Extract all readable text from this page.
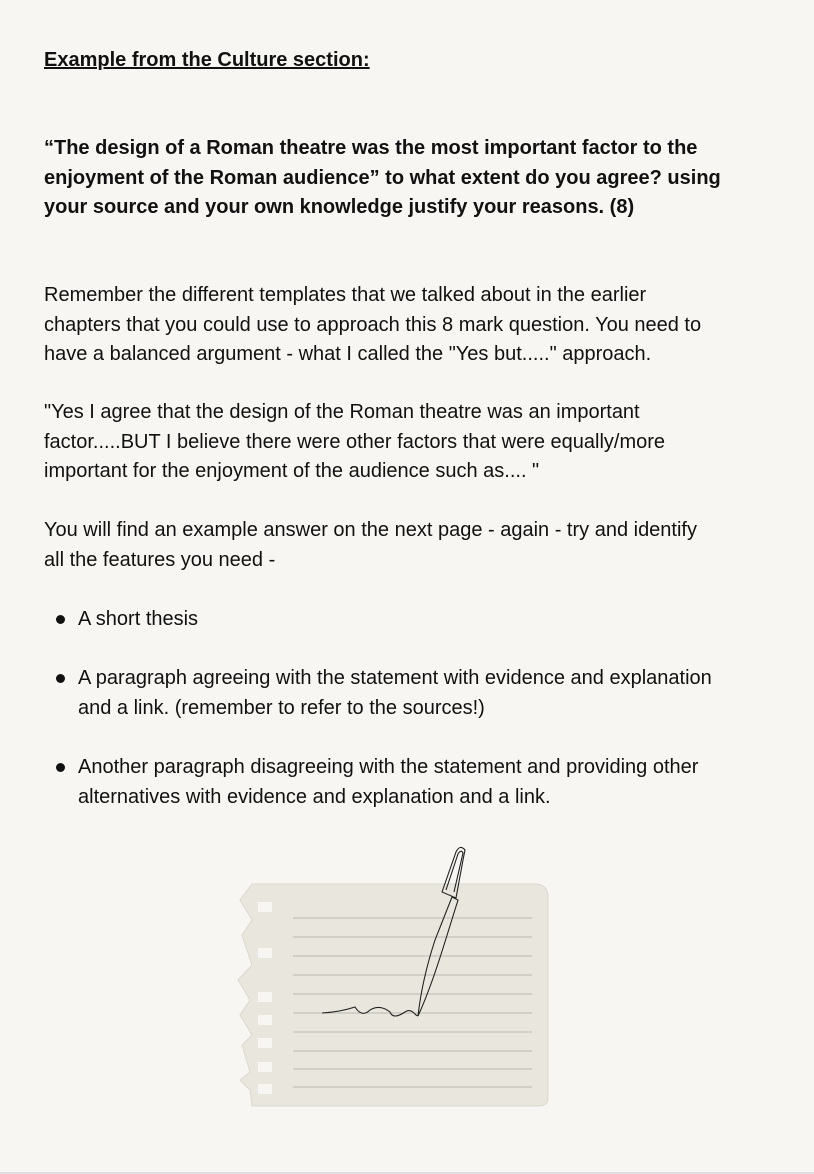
Example from the Culture section:
“The design of a Roman theatre was the most important factor to the
enjoyment of the Roman audience” to what extent do you agree? using
your source and your own knowledge justify your reasons. (8)
Remember the different templates that we talked about in the earlier
chapters that you could use to approach this 8 mark question. You need to
have a balanced argument - what I called the "Yes but....." approach.
"Yes I agree that the design of the Roman theatre was an important
factor.....BUT I believe there were other factors that were equally/more
important for the enjoyment of the audience such as.... "
You will find an example answer on the next page - again - try and identify
all the features you need -
A short thesis
A paragraph agreeing with the statement with evidence and explanation
and a link. (remember to refer to the sources!)
Another paragraph disagreeing with the statement and providing other
alternatives with evidence and explanation and a link.
